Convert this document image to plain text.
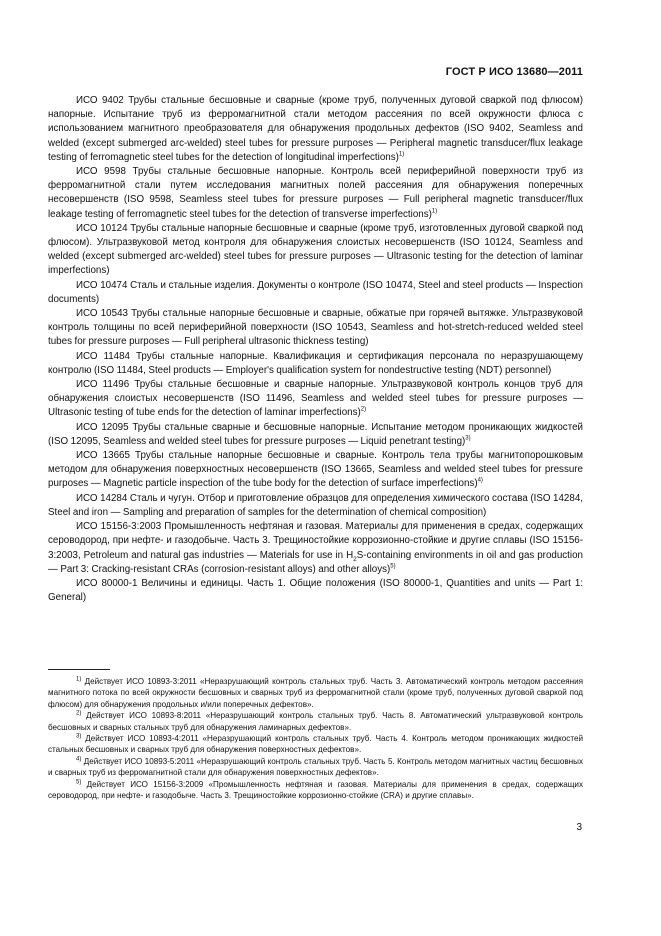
ГОСТ Р ИСО 13680—2011

ИСО 9402 Трубы стальные бесшовные и сварные (кроме труб, полученных дуговой сваркой под флюсом) напорные. Испытание труб из ферромагнитной стали методом рассеяния по всей окружности флюса с использованием магнитного преобразователя для обнаружения продольных дефектов (ISO 9402, Seamless and welded (except submerged arc-welded) steel tubes for pressure purposes — Peripheral magnetic transducer/flux leakage testing of ferromagnetic steel tubes for the detection of longitudinal imperfections)$^{1)}$

ИСО 9598 Трубы стальные бесшовные напорные. Контроль всей периферийной поверхности труб из ферромагнитной стали путем исследования магнитных полей рассеяния для обнаружения поперечных несовершенств (ISO 9598, Seamless steel tubes for pressure purposes — Full peripheral magnetic transducer/flux leakage testing of ferromagnetic steel tubes for the detection of transverse imperfections)$^{1)}$

ИСО 10124 Трубы стальные напорные бесшовные и сварные (кроме труб, изготовленных дуговой сваркой под флюсом). Ультразвуковой метод контроля для обнаружения слоистых несовершенств (ISO 10124, Seamless and welded (except submerged arc-welded) steel tubes for pressure purposes — Ultrasonic testing for the detection of laminar imperfections)

ИСО 10474 Сталь и стальные изделия. Документы о контроле (ISO 10474, Steel and steel products — Inspection documents)

ИСО 10543 Трубы стальные напорные бесшовные и сварные, обжатые при горячей вытяжке. Ультразвуковой контроль толщины по всей периферийной поверхности (ISO 10543, Seamless and hot-stretch-reduced welded steel tubes for pressure purposes — Full peripheral ultrasonic thickness testing)

ИСО 11484 Трубы стальные напорные. Квалификация и сертификация персонала по неразрушающему контролю (ISO 11484, Steel products — Employer's qualification system for nondestructive testing (NDT) personnel)

ИСО 11496 Трубы стальные бесшовные и сварные напорные. Ультразвуковой контроль концов труб для обнаружения слоистых несовершенств (ISO 11496, Seamless and welded steel tubes for pressure purposes — Ultrasonic testing of tube ends for the detection of laminar imperfections)$^{2)}$

ИСО 12095 Трубы стальные сварные и бесшовные напорные. Испытание методом проникающих жидкостей (ISO 12095, Seamless and welded steel tubes for pressure purposes — Liquid penetrant testing)$^{3)}$

ИСО 13665 Трубы стальные напорные бесшовные и сварные. Контроль тела трубы магнитопорошковым методом для обнаружения поверхностных несовершенств (ISO 13665, Seamless and welded steel tubes for pressure purposes — Magnetic particle inspection of the tube body for the detection of surface imperfections)$^{4)}$

ИСО 14284 Сталь и чугун. Отбор и приготовление образцов для определения химического состава (ISO 14284, Steel and iron — Sampling and preparation of samples for the determination of chemical composition)

ИСО 15156-3:2003 Промышленность нефтяная и газовая. Материалы для применения в средах, содержащих сероводород, при нефте- и газодобыче. Часть 3. Трещиностойкие коррозионно-стойкие и другие сплавы (ISO 15156-3:2003, Petroleum and natural gas industries — Materials for use in $H_2S$-containing environments in oil and gas production — Part 3: Cracking-resistant CRAs (corrosion-resistant alloys) and other alloys)$^{5)}$

ИСО 80000-1 Величины и единицы. Часть 1. Общие положения (ISO 80000-1, Quantities and units — Part 1: General)

$^{1)}$ Действует ИСО 10893-3:2011 «Неразрушающий контроль стальных труб. Часть 3. Автоматический контроль методом рассеяния магнитного потока по всей окружности бесшовных и сварных труб из ферромагнитной стали (кроме труб, полученных дуговой сваркой под флюсом) для обнаружения продольных и/или поперечных дефектов».

$^{2)}$ Действует ИСО 10893-8:2011 «Неразрушающий контроль стальных труб. Часть 8. Автоматический ультразвуковой контроль бесшовных и сварных стальных труб для обнаружения ламинарных дефектов».

$^{3)}$ Действует ИСО 10893-4:2011 «Неразрушающий контроль стальных труб. Часть 4. Контроль методом проникающих жидкостей стальных бесшовных и сварных труб для обнаружения поверхностных дефектов».

$^{4)}$ Действует ИСО 10893-5:2011 «Неразрушающий контроль стальных труб. Часть 5. Контроль методом магнитных частиц бесшовных и сварных труб из ферромагнитной стали для обнаружения поверхностных дефектов».

$^{5)}$ Действует ИСО 15156-3:2009 «Промышленность нефтяная и газовая. Материалы для применения в средах, содержащих сероводород, при нефте- и газодобыче. Часть 3. Трещиностойкие коррозионно-стойкие (CRA) и другие сплавы».

3
